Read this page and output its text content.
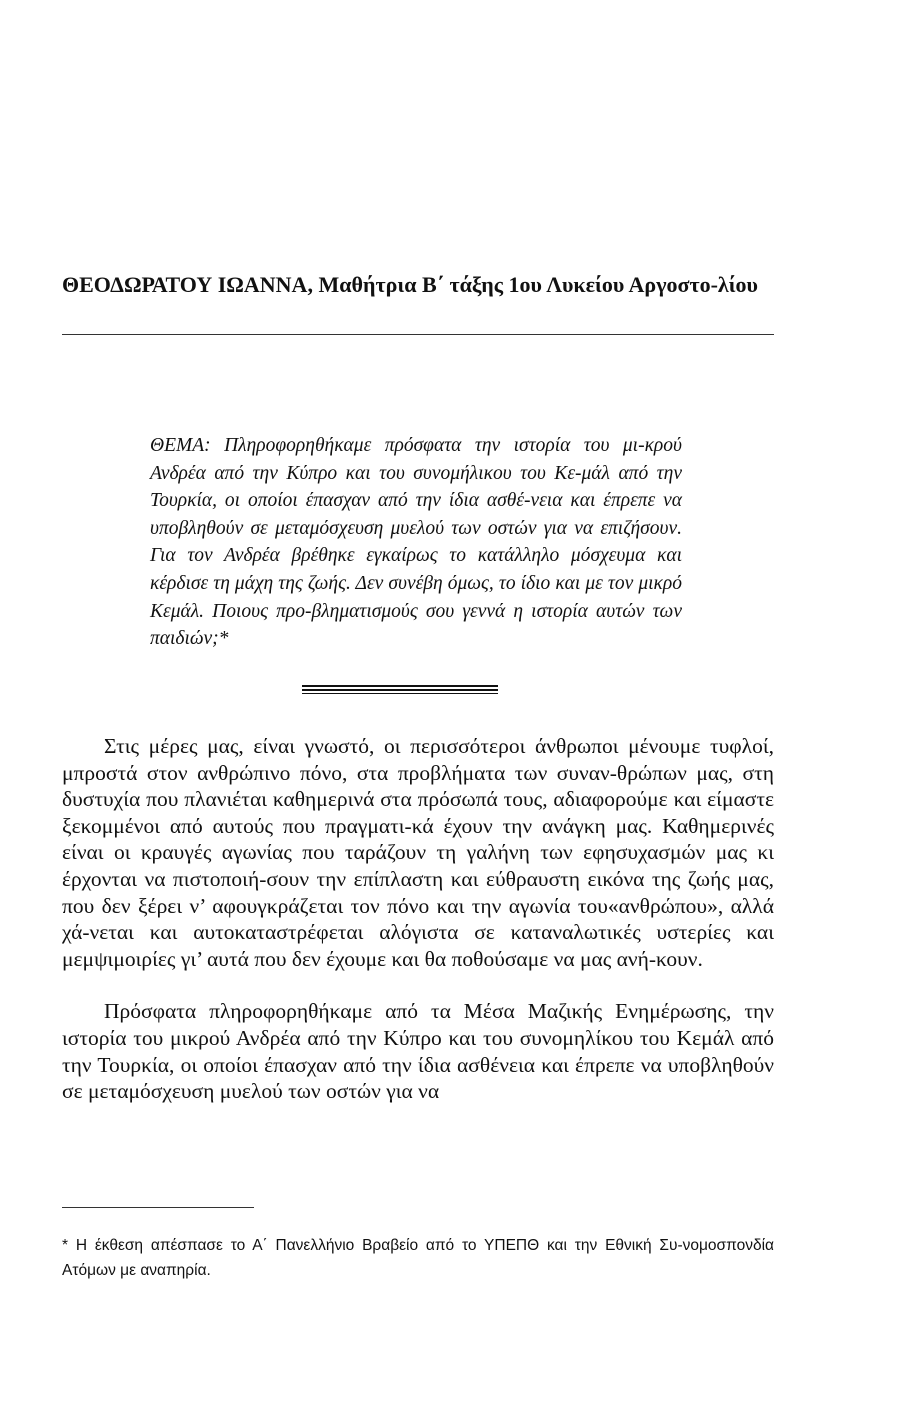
ΘΕΟΔΩΡΑΤΟΥ ΙΩΑΝΝΑ, Μαθήτρια Β΄ τάξης 1ου Λυκείου Αργοστο-λίου
ΘΕΜΑ: Πληροφορηθήκαμε πρόσφατα την ιστορία του μι-κρού Ανδρέα από την Κύπρο και του συνομήλικου του Κε-μάλ από την Τουρκία, οι οποίοι έπασχαν από την ίδια ασθέ-νεια και έπρεπε να υποβληθούν σε μεταμόσχευση μυελού των οστών για να επιζήσουν. Για τον Ανδρέα βρέθηκε εγκαίρως το κατάλληλο μόσχευμα και κέρδισε τη μάχη της ζωής. Δεν συνέβη όμως, το ίδιο και με τον μικρό Κεμάλ. Ποιους προ-βληματισμούς σου γεννά η ιστορία αυτών των παιδιών;*

Στις μέρες μας, είναι γνωστό, οι περισσότεροι άνθρωποι μένουμε τυφλοί, μπροστά στον ανθρώπινο πόνο, στα προβλήματα των συναν-θρώπων μας, στη δυστυχία που πλανιέται καθημερινά στα πρόσωπά τους, αδιαφορούμε και είμαστε ξεκομμένοι από αυτούς που πραγματι-κά έχουν την ανάγκη μας. Καθημερινές είναι οι κραυγές αγωνίας που ταράζουν τη γαλήνη των εφησυχασμών μας κι έρχονται να πιστοποιή-σουν την επίπλαστη και εύθραυστη εικόνα της ζωής μας, που δεν ξέρει ν’ αφουγκράζεται τον πόνο και την αγωνία του«ανθρώπου», αλλά χά-νεται και αυτοκαταστρέφεται αλόγιστα σε καταναλωτικές υστερίες και μεμψιμοιρίες γι’ αυτά που δεν έχουμε και θα ποθούσαμε να μας ανή-κουν.

Πρόσφατα πληροφορηθήκαμε από τα Μέσα Μαζικής Ενημέρωσης, την ιστορία του μικρού Ανδρέα από την Κύπρο και του συνομηλίκου του Κεμάλ από την Τουρκία, οι οποίοι έπασχαν από την ίδια ασθένεια και έπρεπε να υποβληθούν σε μεταμόσχευση μυελού των οστών για να

* Η έκθεση απέσπασε το Α΄ Πανελλήνιο Βραβείο από το ΥΠΕΠΘ και την Εθνική Συ-νομοσπονδία Ατόμων με αναπηρία.
